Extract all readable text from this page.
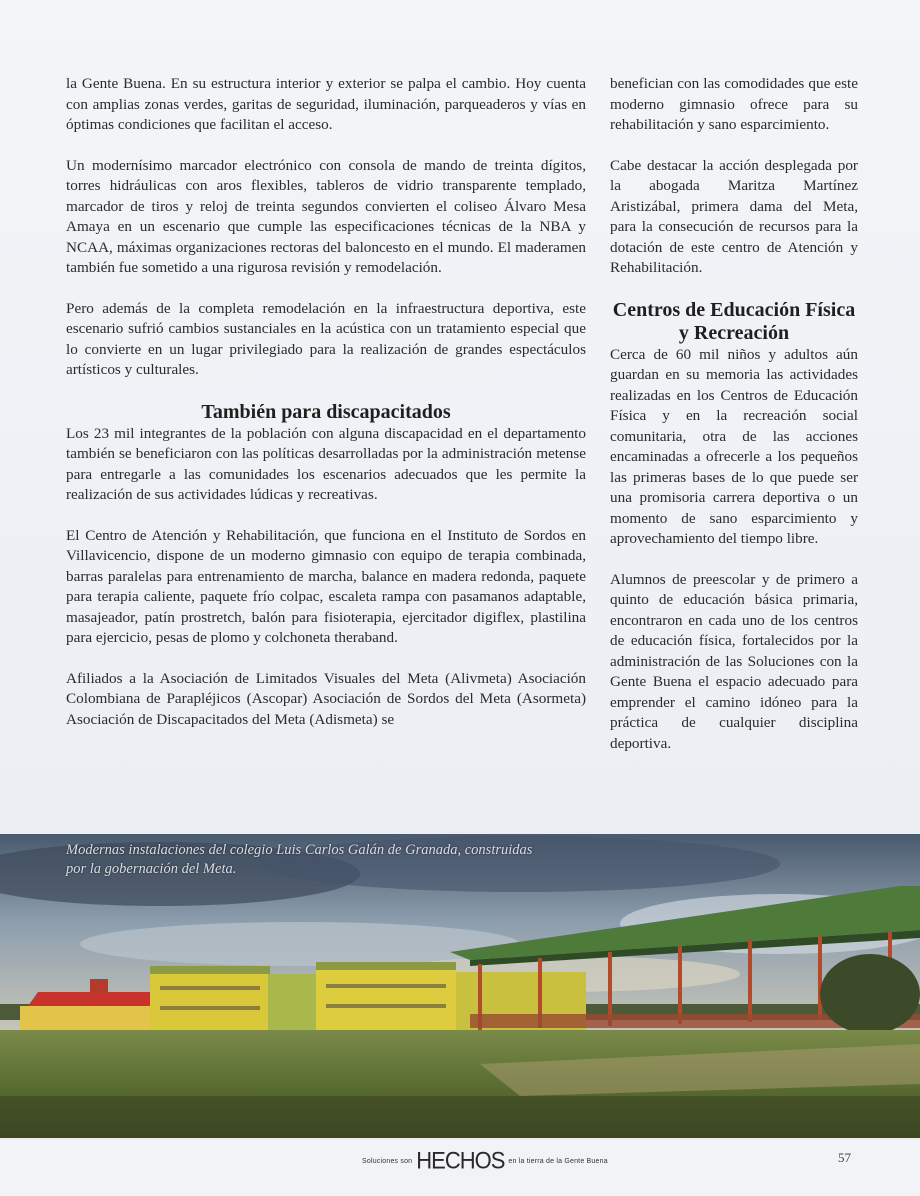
la Gente Buena. En su estructura interior y exterior se palpa el cambio. Hoy cuenta con amplias zonas verdes, garitas de seguridad, iluminación, parqueaderos y vías en óptimas condiciones que facilitan el acceso.

Un modernísimo marcador electrónico con consola de mando de treinta dígitos, torres hidráulicas con aros flexibles, tableros de vidrio transparente templado, marcador de tiros y reloj de treinta segundos convierten el coliseo Álvaro Mesa Amaya en un escenario que cumple las especificaciones técnicas de la NBA y NCAA, máximas organizaciones rectoras del baloncesto en el mundo. El maderamen también fue sometido a una rigurosa revisión y remodelación.

Pero además de la completa remodelación en la infraestructura deportiva, este escenario sufrió cambios sustanciales en la acústica con un tratamiento especial que lo convierte en un lugar privilegiado para la realización de grandes espectáculos artísticos y culturales.

También para discapacitados

Los 23 mil integrantes de la población con alguna discapacidad en el departamento también se beneficiaron con las políticas desarrolladas por la administración metense para entregarle a las comunidades los escenarios adecuados que les permite la realización de sus actividades lúdicas y recreativas.

El Centro de Atención y Rehabilitación, que funciona en el Instituto de Sordos en Villavicencio, dispone de un moderno gimnasio con equipo de terapia combinada, barras paralelas para entrenamiento de marcha, balance en madera redonda, paquete para terapia caliente, paquete frío colpac, escaleta rampa con pasamanos adaptable, masajeador, patín prostretch, balón para fisioterapia, ejercitador digiflex, plastilina para ejercicio, pesas de plomo y colchoneta theraband.

Afiliados a la Asociación de Limitados Visuales del Meta (Alivmeta) Asociación Colombiana de Parapléjicos (Ascopar) Asociación de Sordos del Meta (Asormeta) Asociación de Discapacitados del Meta (Adismeta) se

benefician con las comodidades que este moderno gimnasio ofrece para su rehabilitación y sano esparcimiento.

Cabe destacar la acción desplegada por la abogada Maritza Martínez Aristizábal, primera dama del Meta, para la consecución de recursos para la dotación de este centro de Atención y Rehabilitación.

Centros de Educación Física y Recreación

Cerca de 60 mil niños y adultos aún guardan en su memoria las actividades realizadas en los Centros de Educación Física y en la recreación social comunitaria, otra de las acciones encaminadas a ofrecerle a los pequeños las primeras bases de lo que puede ser una promisoria carrera deportiva o un momento de sano esparcimiento y aprovechamiento del tiempo libre.

Alumnos de preescolar y de primero a quinto de educación básica primaria, encontraron en cada uno de los centros de educación física, fortalecidos por la administración de las Soluciones con la Gente Buena el espacio adecuado para emprender el camino idóneo para la práctica de cualquier disciplina deportiva.

Modernas instalaciones del colegio Luis Carlos Galán de Granada, construidas por la gobernación del Meta.
Soluciones son HECHOS en la tierra de la Gente Buena	57
